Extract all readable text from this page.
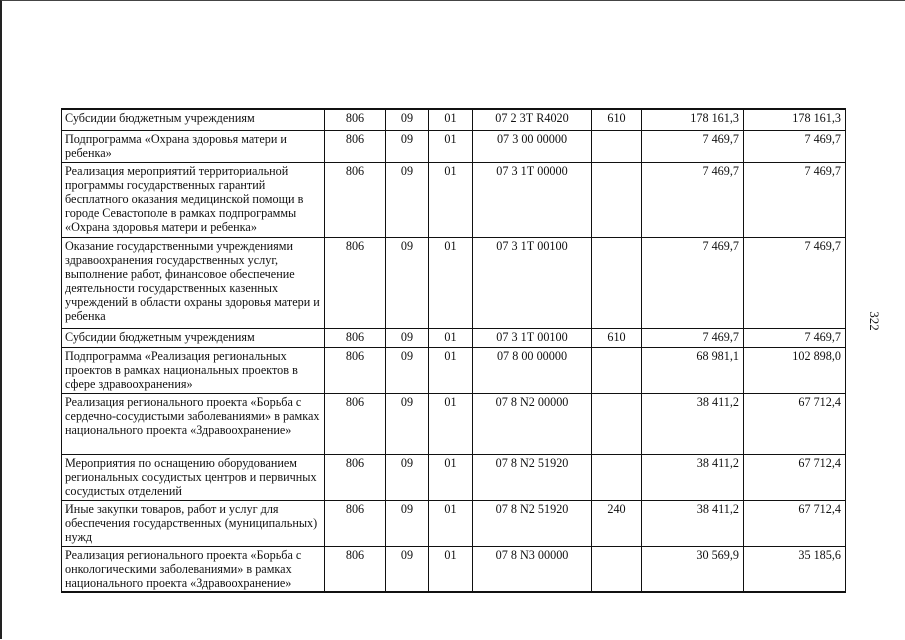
Субсидии бюджетным учреждениям	806	09	01	07 2 3Т R4020	610	178 161,3	178 161,3
Подпрограмма «Охрана здоровья матери и ребенка»	806	09	01	07 3 00 00000		7 469,7	7 469,7
Реализация мероприятий территориальной программы государственных гарантий бесплатного оказания медицинской помощи в городе Севастополе в рамках подпрограммы «Охрана здоровья матери и ребенка»	806	09	01	07 3 1Т 00000		7 469,7	7 469,7
Оказание государственными учреждениями здравоохранения государственных услуг, выполнение работ, финансовое обеспечение деятельности государственных казенных учреждений в области охраны здоровья матери и ребенка	806	09	01	07 3 1Т 00100		7 469,7	7 469,7
Субсидии бюджетным учреждениям	806	09	01	07 3 1Т 00100	610	7 469,7	7 469,7
Подпрограмма «Реализация региональных проектов в рамках национальных проектов в сфере здравоохранения»	806	09	01	07 8 00 00000		68 981,1	102 898,0
Реализация регионального проекта «Борьба с сердечно-сосудистыми заболеваниями» в рамках национального проекта «Здравоохранение»	806	09	01	07 8 N2 00000		38 411,2	67 712,4
Мероприятия по оснащению оборудованием региональных сосудистых центров и первичных сосудистых отделений	806	09	01	07 8 N2 51920		38 411,2	67 712,4
Иные закупки товаров, работ и услуг для обеспечения государственных (муниципальных) нужд	806	09	01	07 8 N2 51920	240	38 411,2	67 712,4
Реализация регионального проекта «Борьба с онкологическими заболеваниями» в рамках национального проекта «Здравоохранение»	806	09	01	07 8 N3 00000		30 569,9	35 185,6
322
